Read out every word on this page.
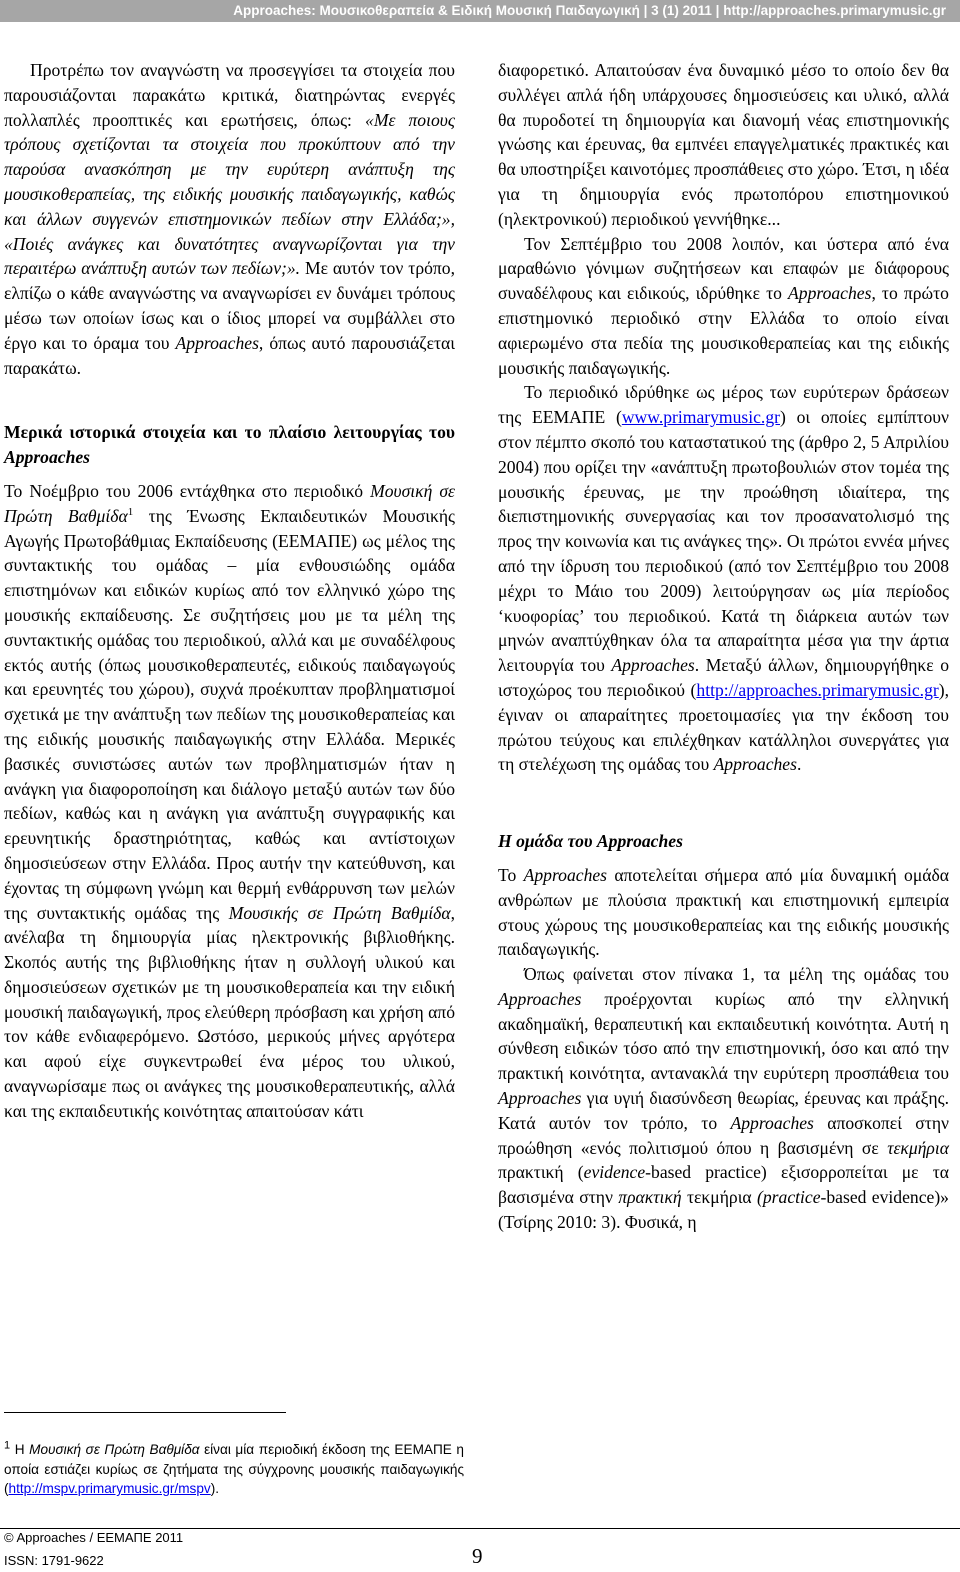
Approaches: Μουσικοθεραπεία & Ειδική Μουσική Παιδαγωγική | 3 (1) 2011 | http://approaches.primarymusic.gr

Προτρέπω τον αναγνώστη να προσεγγίσει τα στοιχεία που παρουσιάζονται παρακάτω κριτικά, διατηρώντας ενεργές πολλαπλές προοπτικές και ερωτήσεις, όπως: «Με ποιους τρόπους σχετίζονται τα στοιχεία που προκύπτουν από την παρούσα ανασκόπηση με την ευρύτερη ανάπτυξη της μουσικοθεραπείας, της ειδικής μουσικής παιδαγωγικής, καθώς και άλλων συγγενών επιστημονικών πεδίων στην Ελλάδα;», «Ποιές ανάγκες και δυνατότητες αναγνωρίζονται για την περαιτέρω ανάπτυξη αυτών των πεδίων;». Με αυτόν τον τρόπο, ελπίζω ο κάθε αναγνώστης να αναγνωρίσει εν δυνάμει τρόπους μέσω των οποίων ίσως και ο ίδιος μπορεί να συμβάλλει στο έργο και το όραμα του Approaches, όπως αυτό παρουσιάζεται παρακάτω.

Μερικά ιστορικά στοιχεία και το πλαίσιο λειτουργίας του Approaches

Το Νοέμβριο του 2006 εντάχθηκα στο περιοδικό Μουσική σε Πρώτη Βαθμίδα$^1$ της Ένωσης Εκπαιδευτικών Μουσικής Αγωγής Πρωτοβάθμιας Εκπαίδευσης (ΕΕΜΑΠΕ) ως μέλος της συντακτικής του ομάδας – μία ενθουσιώδης ομάδα επιστημόνων και ειδικών κυρίως από τον ελληνικό χώρο της μουσικής εκπαίδευσης. Σε συζητήσεις μου με τα μέλη της συντακτικής ομάδας του περιοδικού, αλλά και με συναδέλφους εκτός αυτής (όπως μουσικοθεραπευτές, ειδικούς παιδαγωγούς και ερευνητές του χώρου), συχνά προέκυπταν προβληματισμοί σχετικά με την ανάπτυξη των πεδίων της μουσικοθεραπείας και της ειδικής μουσικής παιδαγωγικής στην Ελλάδα. Μερικές βασικές συνιστώσες αυτών των προβληματισμών ήταν η ανάγκη για διαφοροποίηση και διάλογο μεταξύ αυτών των δύο πεδίων, καθώς και η ανάγκη για ανάπτυξη συγγραφικής και ερευνητικής δραστηριότητας, καθώς και αντίστοιχων δημοσιεύσεων στην Ελλάδα. Προς αυτήν την κατεύθυνση, και έχοντας τη σύμφωνη γνώμη και θερμή ενθάρρυνση των μελών της συντακτικής ομάδας της Μουσικής σε Πρώτη Βαθμίδα, ανέλαβα τη δημιουργία μίας ηλεκτρονικής βιβλιοθήκης. Σκοπός αυτής της βιβλιοθήκης ήταν η συλλογή υλικού και δημοσιεύσεων σχετικών με τη μουσικοθεραπεία και την ειδική μουσική παιδαγωγική, προς ελεύθερη πρόσβαση και χρήση από τον κάθε ενδιαφερόμενο. Ωστόσο, μερικούς μήνες αργότερα και αφού είχε συγκεντρωθεί ένα μέρος του υλικού, αναγνωρίσαμε πως οι ανάγκες της μουσικοθεραπευτικής, αλλά και της εκπαιδευτικής κοινότητας απαιτούσαν κάτι

$^1$ Η Μουσική σε Πρώτη Βαθμίδα είναι μία περιοδική έκδοση της ΕΕΜΑΠΕ η οποία εστιάζει κυρίως σε ζητήματα της σύγχρονης μουσικής παιδαγωγικής (http://mspv.primarymusic.gr/mspv).

διαφορετικό. Απαιτούσαν ένα δυναμικό μέσο το οποίο δεν θα συλλέγει απλά ήδη υπάρχουσες δημοσιεύσεις και υλικό, αλλά θα πυροδοτεί τη δημιουργία και διανομή νέας επιστημονικής γνώσης και έρευνας, θα εμπνέει επαγγελματικές πρακτικές και θα υποστηρίξει καινοτόμες προσπάθειες στο χώρο. Έτσι, η ιδέα για τη δημιουργία ενός πρωτοπόρου επιστημονικού (ηλεκτρονικού) περιοδικού γεννήθηκε...

Τον Σεπτέμβριο του 2008 λοιπόν, και ύστερα από ένα μαραθώνιο γόνιμων συζητήσεων και επαφών με διάφορους συναδέλφους και ειδικούς, ιδρύθηκε το Approaches, το πρώτο επιστημονικό περιοδικό στην Ελλάδα το οποίο είναι αφιερωμένο στα πεδία της μουσικοθεραπείας και της ειδικής μουσικής παιδαγωγικής.

Το περιοδικό ιδρύθηκε ως μέρος των ευρύτερων δράσεων της ΕΕΜΑΠΕ (www.primarymusic.gr) οι οποίες εμπίπτουν στον πέμπτο σκοπό του καταστατικού της (άρθρο 2, 5 Απριλίου 2004) που ορίζει την «ανάπτυξη πρωτοβουλιών στον τομέα της μουσικής έρευνας, με την προώθηση ιδιαίτερα, της διεπιστημονικής συνεργασίας και τον προσανατολισμό της προς την κοινωνία και τις ανάγκες της». Οι πρώτοι εννέα μήνες από την ίδρυση του περιοδικού (από τον Σεπτέμβριο του 2008 μέχρι το Μάιο του 2009) λειτούργησαν ως μία περίοδος ‘κυοφορίας’ του περιοδικού. Κατά τη διάρκεια αυτών των μηνών αναπτύχθηκαν όλα τα απαραίτητα μέσα για την άρτια λειτουργία του Approaches. Μεταξύ άλλων, δημιουργήθηκε ο ιστοχώρος του περιοδικού (http://approaches.primarymusic.gr), έγιναν οι απαραίτητες προετοιμασίες για την έκδοση του πρώτου τεύχους και επιλέχθηκαν κατάλληλοι συνεργάτες για τη στελέχωση της ομάδας του Approaches.

Η ομάδα του Approaches

Το Approaches αποτελείται σήμερα από μία δυναμική ομάδα ανθρώπων με πλούσια πρακτική και επιστημονική εμπειρία στους χώρους της μουσικοθεραπείας και της ειδικής μουσικής παιδαγωγικής.

Όπως φαίνεται στον πίνακα 1, τα μέλη της ομάδας του Approaches προέρχονται κυρίως από την ελληνική ακαδημαϊκή, θεραπευτική και εκπαιδευτική κοινότητα. Αυτή η σύνθεση ειδικών τόσο από την επιστημονική, όσο και από την πρακτική κοινότητα, αντανακλά την ευρύτερη προσπάθεια του Approaches για υγιή διασύνδεση θεωρίας, έρευνας και πράξης. Κατά αυτόν τον τρόπο, το Approaches αποσκοπεί στην προώθηση «ενός πολιτισμού όπου η βασισμένη σε τεκμήρια πρακτική (evidence-based practice) εξισορροπείται με τα βασισμένα στην πρακτική τεκμήρια (practice-based evidence)» (Τσίρης 2010: 3). Φυσικά, η

© Approaches / ΕΕΜΑΠΕ 2011
ISSN: 1791-9622	9
